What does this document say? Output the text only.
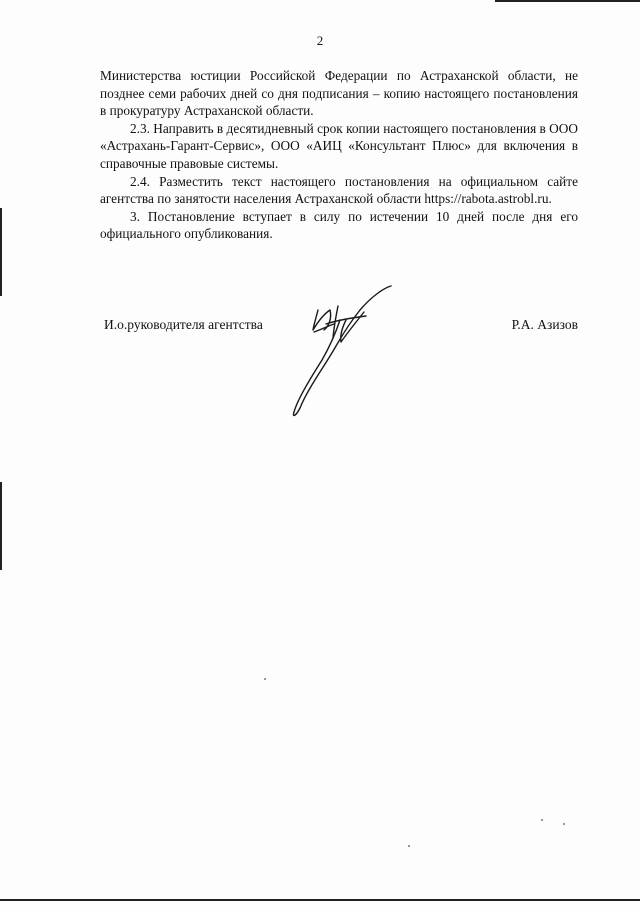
2

Министерства юстиции Российской Федерации по Астраханской области, не позднее семи рабочих дней со дня подписания – копию настоящего постановления в прокуратуру Астраханской области.

2.3. Направить в десятидневный срок копии настоящего постановления в ООО «Астрахань-Гарант-Сервис», ООО «АИЦ «Консультант Плюс» для включения в справочные правовые системы.

2.4. Разместить текст настоящего постановления на официальном сайте агентства по занятости населения Астраханской области https://rabota.astrobl.ru.

3. Постановление вступает в силу по истечении 10 дней после дня его официального опубликования.

И.о.руководителя агентства	Р.А. Азизов
